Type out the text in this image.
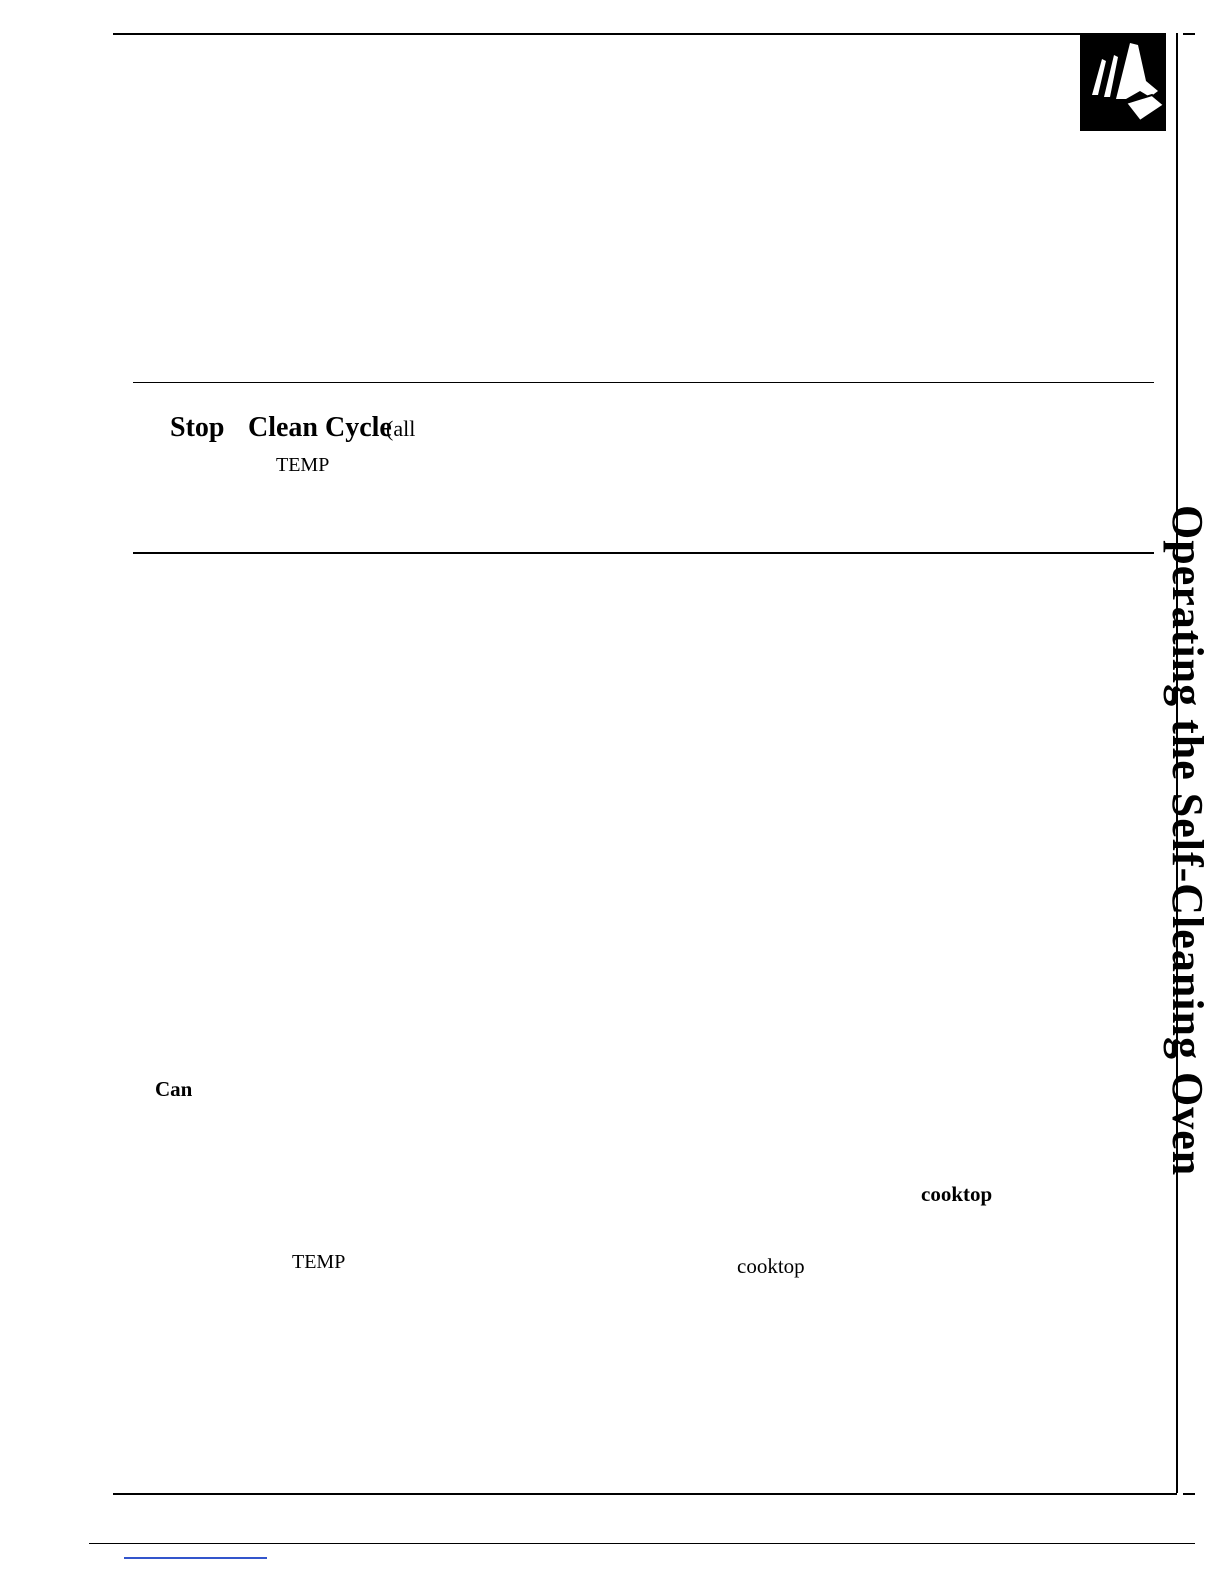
Operating the Self-Cleaning Oven
Stop Clean Cycle
(all
TEMP
Can
cooktop
TEMP	cooktop
